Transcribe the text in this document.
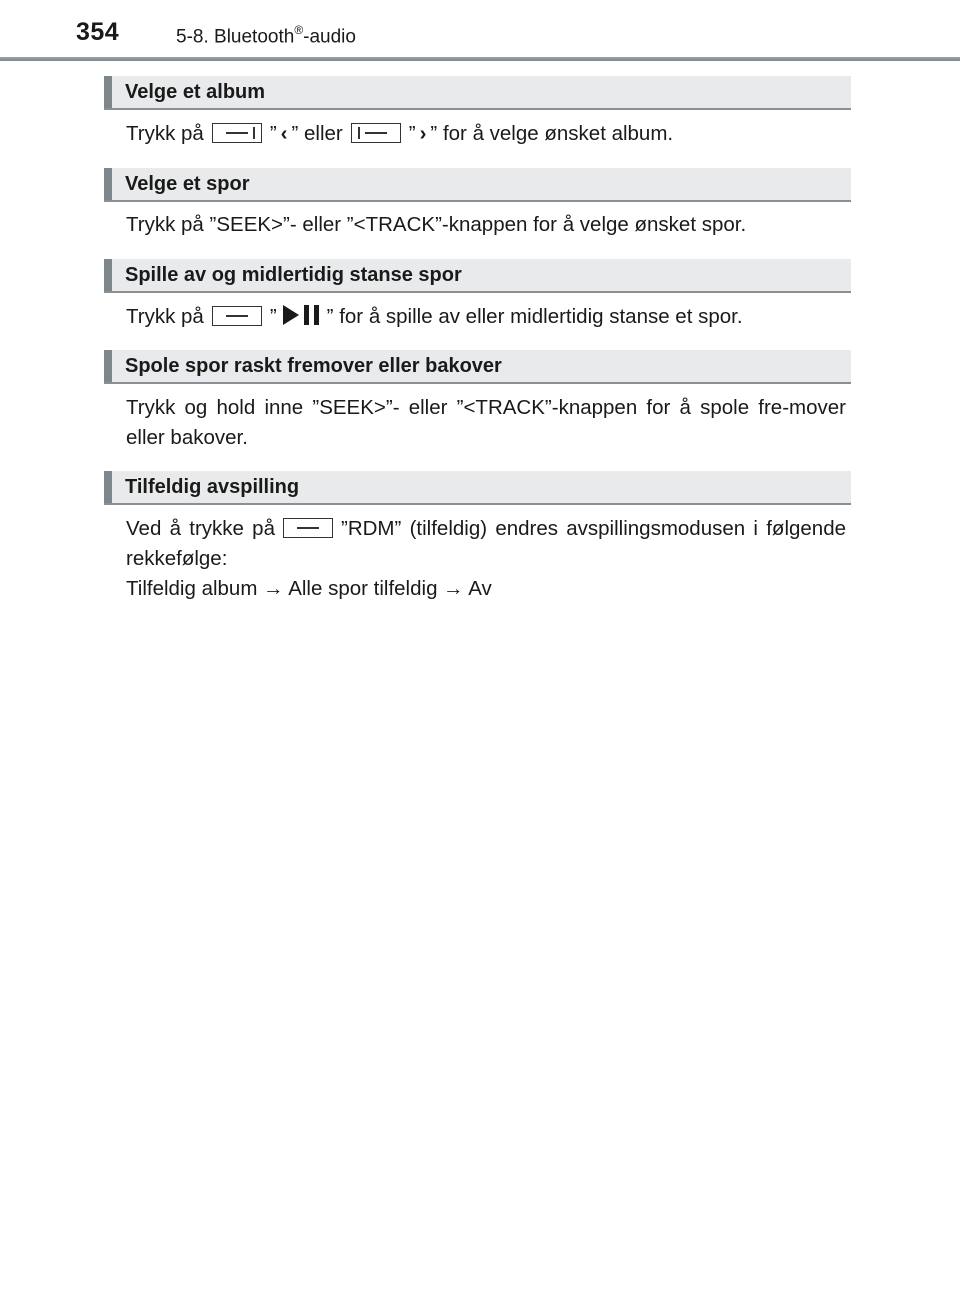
354	5-8. Bluetooth®-audio
Velge et album
Trykk på	” ‹ ” eller	” › ” for å velge ønsket album.
Velge et spor
Trykk på ”SEEK>”- eller ”<TRACK”-knappen for å velge ønsket spor.
Spille av og midlertidig stanse spor
Trykk på	” ” for å spille av eller midlertidig stanse et spor.
Spole spor raskt fremover eller bakover
Trykk og hold inne ”SEEK>”- eller ”<TRACK”-knappen for å spole fre-mover eller bakover.
Tilfeldig avspilling
Ved å trykke på	”RDM” (tilfeldig) endres avspillingsmodusen i følgende rekkefølge:
Tilfeldig album → Alle spor tilfeldig → Av
